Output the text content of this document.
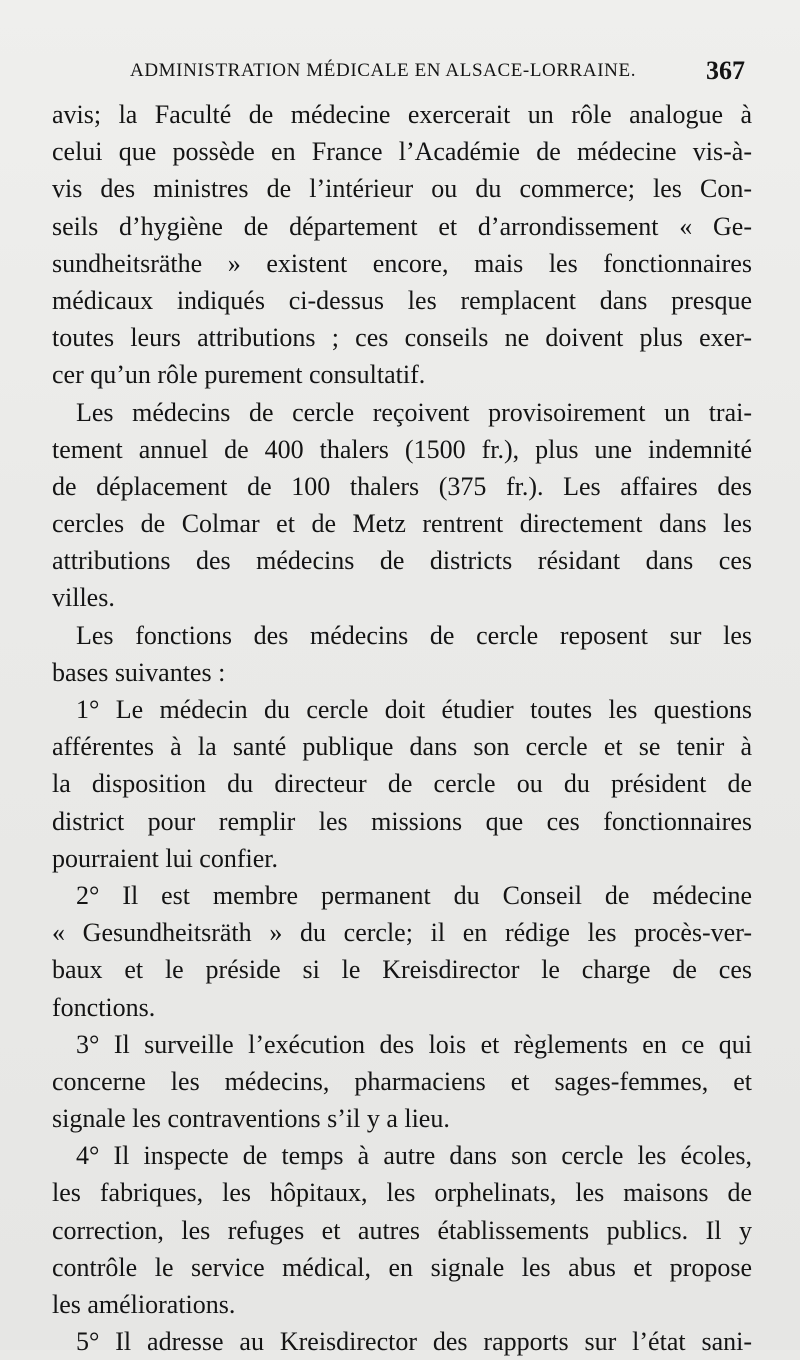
ADMINISTRATION MÉDICALE EN ALSACE-LORRAINE.	367
avis; la Faculté de médecine exercerait un rôle analogue à
celui que possède en France l’Académie de médecine vis-à-
vis des ministres de l’intérieur ou du commerce; les Con-
seils d’hygiène de département et d’arrondissement « Ge-
sundheitsräthe » existent encore, mais les fonctionnaires
médicaux indiqués ci-dessus les remplacent dans presque
toutes leurs attributions ; ces conseils ne doivent plus exer-
cer qu’un rôle purement consultatif.
Les médecins de cercle reçoivent provisoirement un trai-
tement annuel de 400 thalers (1500 fr.), plus une indemnité
de déplacement de 100 thalers (375 fr.). Les affaires des
cercles de Colmar et de Metz rentrent directement dans les
attributions des médecins de districts résidant dans ces
villes.
Les fonctions des médecins de cercle reposent sur les
bases suivantes :
1° Le médecin du cercle doit étudier toutes les questions
afférentes à la santé publique dans son cercle et se tenir à
la disposition du directeur de cercle ou du président de
district pour remplir les missions que ces fonctionnaires
pourraient lui confier.
2° Il est membre permanent du Conseil de médecine
« Gesundheitsräth » du cercle; il en rédige les procès-ver-
baux et le préside si le Kreisdirector le charge de ces
fonctions.
3° Il surveille l’exécution des lois et règlements en ce qui
concerne les médecins, pharmaciens et sages-femmes, et
signale les contraventions s’il y a lieu.
4° Il inspecte de temps à autre dans son cercle les écoles,
les fabriques, les hôpitaux, les orphelinats, les maisons de
correction, les refuges et autres établissements publics. Il y
contrôle le service médical, en signale les abus et propose
les améliorations.
5° Il adresse au Kreisdirector des rapports sur l’état sani-
